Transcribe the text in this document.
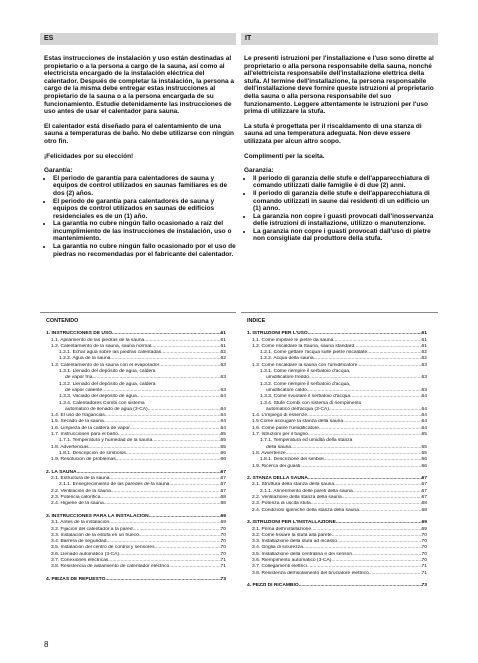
ES	IT

Estas instrucciones de instalación y uso están destinadas al propietario o a la persona a cargo de la sauna, así como al electricista encargado de la instalación eléctrica del calentador. Después de completar la instalación, la persona a cargo de la misma debe entregar estas instrucciones al propietario de la sauna o a la persona encargada de su funcionamiento. Estudie detenidamente las instrucciones de uso antes de usar el calentador para sauna.

El calentador está diseñado para el calentamiento de una sauna a temperaturas de baño. No debe utilizarse con ningún otro fin.

¡Felicidades por su elección!

Garantía:
• El periodo de garantía para calentadores de sauna y equipos de control utilizados en saunas familiares es de dos (2) años.
• El periodo de garantía para calentadores de sauna y equipos de control utilizados en saunas de edificios residenciales es de un (1) año.
• La garantía no cubre ningún fallo ocasionado a raíz del incumplimiento de las instrucciones de instalación, uso o mantenimiento.
• La garantía no cubre ningún fallo ocasionado por el uso de piedras no recomendadas por el fabricante del calentador.

Le presenti istruzioni per l'installazione e l'uso sono dirette al proprietario o alla persona responsabile della sauna, nonché all'elettricista responsabile dell'installazione elettrica della stufa. Al termine dell'installazione, la persona responsabile dell'installazione deve fornire queste istruzioni al proprietario della sauna o alla persona responsabile del suo funzionamento. Leggere attentamente le istruzioni per l'uso prima di utilizzare la stufa.

La stufa è progettata per il riscaldamento di una stanza di sauna ad una temperatura adeguata. Non deve essere utilizzata per alcun altro scopo.

Complimenti per la scelta.

Garanzia:
• Il periodo di garanzia delle stufe e dell'apparecchiatura di comando utilizzati dalle famiglie è di due (2) anni.
• Il periodo di garanzia delle stufe e dell'apparecchiatura di comando utilizzati in saune dai residenti di un edificio un (1) anno.
• La garanzia non copre i guasti provocati dall'inosservanza delle istruzioni di installazione, utilizzo o manutenzione.
• La garanzia non copre i guasti provocati dall'uso di pietre non consigliate dal produttore della stufa.
CONTENIDO
1. INSTRUCCIONES DE USO .....	61
1.1. Apilamiento de las piedras de la sauna .....	61
1.2. Calentamiento de la sauna, sauna normal .....	61
1.2.1. Echar agua sobre las piedras calentadas .....	62
1.2.2. Agua de la sauna .....	62
1.3. Calentamiento de la sauna con el evaporador .....	63
1.3.1. Llenado del depósito de agua, caldera
de vapor fría .....	63
1.3.2. Llenado del depósito de agua, caldera
de vapor caliente .....	63
1.3.3. Vaciado del depósito de agua .....	64
1.3.4. Calentadores Combi con sistema
automático de llenado de agua (3-CA) .....	64
1.4. El uso de fragancias .....	64
1.5. Secado de la sauna .....	64
1.6. Limpieza de la caldera de vapor .....	64
1.7. Instrucciones para el baño .....	65
1.7.1. Temperatura y humedad de la sauna .....	65
1.8. Advertencias .....	65
1.8.1. Descripción de símbolos .....	66
1.9. Resolución de problemas .....	66
2. LA SAUNA .....	67
2.1. Estructura de la sauna .....	67
2.1.1. Ennegrecimiento de las paredes de la sauna .....	67
2.2. Ventilación de la sauna .....	67
2.3. Potencia calorífica .....	68
2.4. Higiene de la sauna .....	68
3. INSTRUCCIONES PARA LA INSTALACIÓN .....	69
3.1. Antes de la instalación .....	69
3.2. Fijación del calentador a la pared .....	70
3.3. Instalación de la estufa en un hueco .....	70
3.4. Barrera de seguridad .....	70
3.5. Instalación del centro de control y sensores .....	70
3.6. Llenado automático (3-CA) .....	70
3.7. Conexiones eléctricas .....	71
3.8. Resistencia de aislamiento de calentador eléctrico .....	71
4. PIEZAS DE REPUESTO .....	73
INDICE
1. ISTRUZIONI PER L'USO .....	61
1.1. Come impilare le pietre da sauna .....	61
1.2. Come riscaldare la Sauna, sauna standard .....	61
1.2.1. Come gettare l'acqua sulle pietre riscaldate .....	62
1.2.2. Acqua della sauna .....	62
1.3. Come riscaldare la sauna con l'umidificatore .....	63
1.3.1. Come riempire il serbatoio d'acqua,
umidificatore freddo .....	63
1.3.2. Come riempire il serbatoio d'acqua,
umidificatore caldo .....	63
1.3.3. Come svuotare il serbatoio d'acqua .....	64
1.3.4. Stufe Combi con sistema di riempimento
automatico dell'acqua (3-CA) .....	64
1.4. L'impiego di essenze .....	64
1.5 Come asciugare la stanza della sauna .....	64
1.6. Come pulire l'umidificatore .....	64
1.7. Istruzioni per il bagno .....	65
1.7.1. Temperatura ed umidità della stanza
della sauna .....	65
1.8. Avvertenze .....	65
1.8.1. Descrizione dei simboli .....	66
1.9. Ricerca dei guasti .....	66
2. STANZA DELLA SAUNA .....	67
2.1. Struttura della stanza della sauna .....	67
2.1.1. Annerimento delle pareti della sauna .....	67
2.2. Ventilazione della stanza della sauna .....	67
2.3. Potenza di uscita stufa .....	68
2.4. Condizioni igieniche della stanza della sauna .....	68
3. ISTRUZIONI PER L'INSTALLAZIONE .....	69
3.1. Prima dell'installazione .....	69
3.2. Come fissare la stufa alla parete .....	70
3.3. Installazione della stufa ad incasso .....	70
3.4. Griglia di sicurezza .....	70
3.5. Installazione della centralina e dei sensori .....	70
3.6. Riempimento automatico (3-CA) .....	70
3.7. Collegamenti elettrici .....	71
3.8. Resistenza dell'isolamento del bruciatore elettrico .....	71
4. PEZZI DI RICAMBIO .....	73
8
